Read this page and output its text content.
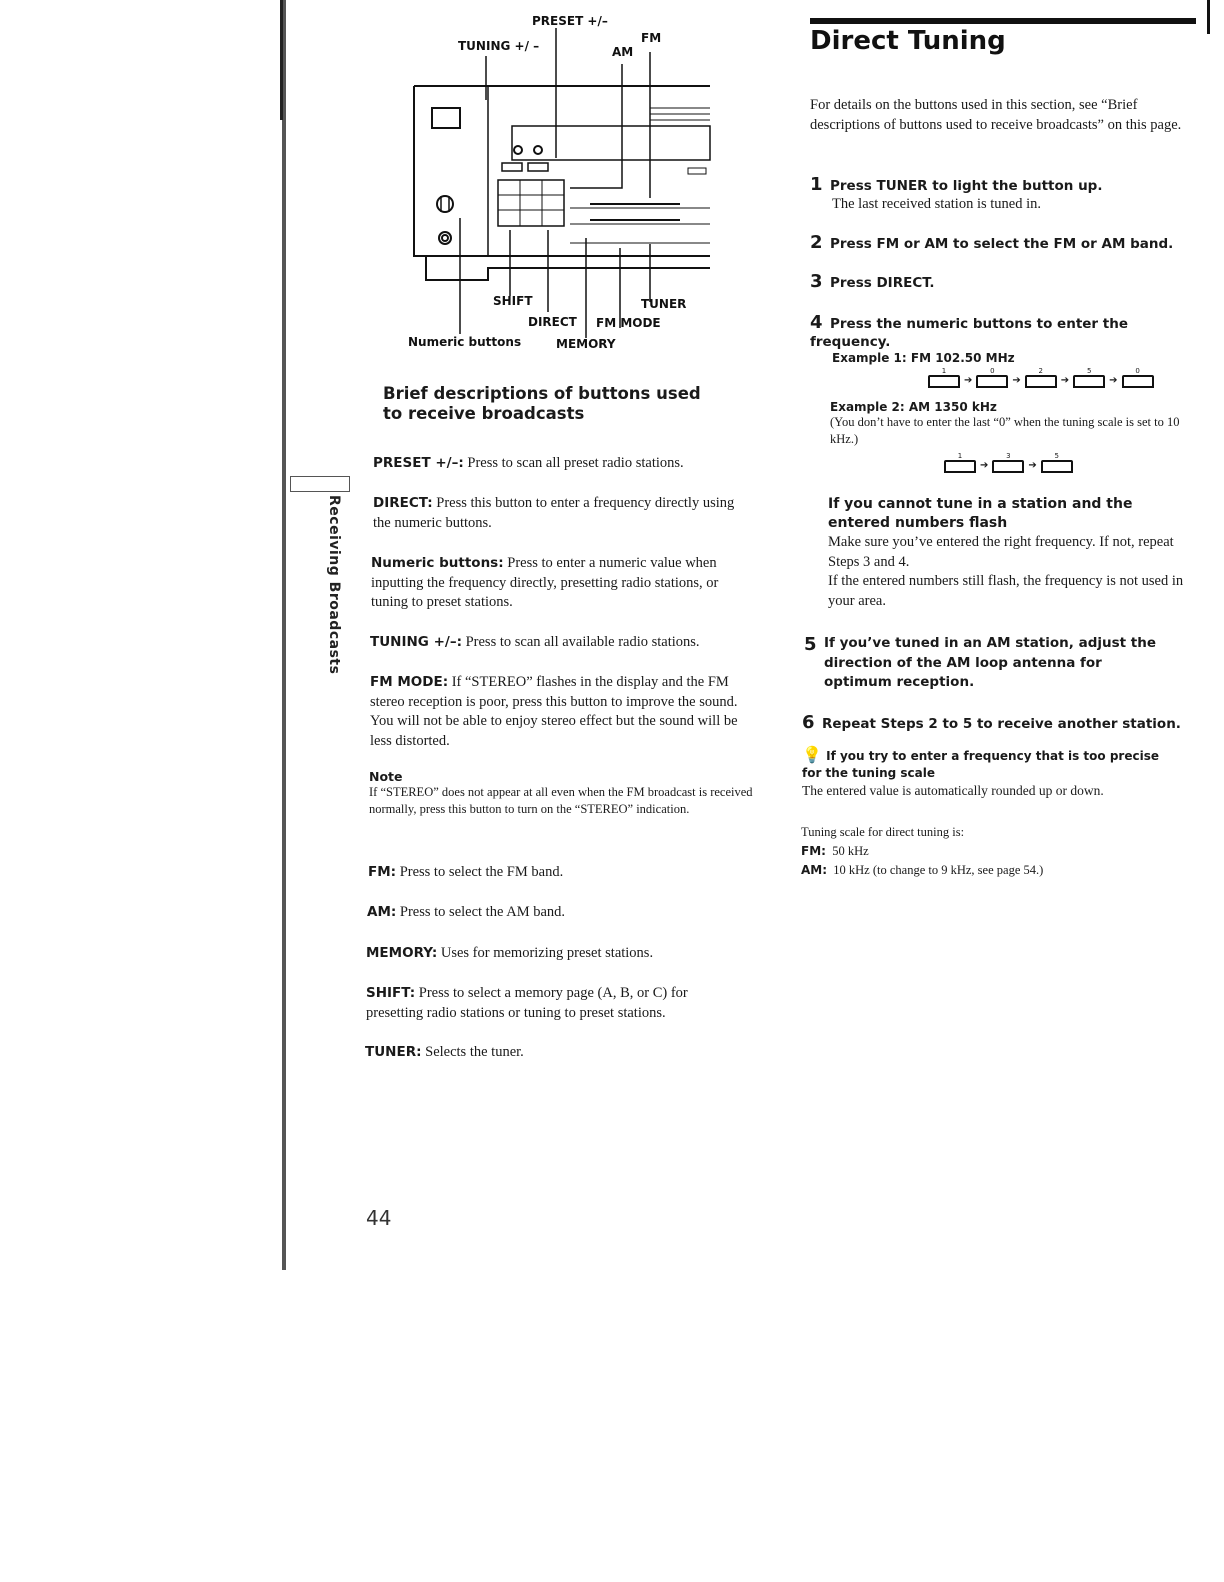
Receiving Broadcasts
PRESET +/–
TUNING +/ –	AM
FM
SHIFT	TUNER
DIRECT FM MODE
Numeric buttons	MEMORY
Brief descriptions of buttons used to receive broadcasts

PRESET +/–: Press to scan all preset radio stations.

DIRECT: Press this button to enter a frequency directly using the numeric buttons.

Numeric buttons: Press to enter a numeric value when inputting the frequency directly, presetting radio stations, or tuning to preset stations.

TUNING +/–: Press to scan all available radio stations.

FM MODE: If “STEREO” flashes in the display and the FM stereo reception is poor, press this button to improve the sound. You will not be able to enjoy stereo effect but the sound will be less distorted.

Note
If “STEREO” does not appear at all even when the FM broadcast is received normally, press this button to turn on the “STEREO” indication.

FM: Press to select the FM band.

AM: Press to select the AM band.

MEMORY: Uses for memorizing preset stations.

SHIFT: Press to select a memory page (A, B, or C) for presetting radio stations or tuning to preset stations.

TUNER: Selects the tuner.

Direct Tuning

For details on the buttons used in this section, see “Brief descriptions of buttons used to receive broadcasts” on this page.

1 Press TUNER to light the button up.
The last received station is tuned in.
2 Press FM or AM to select the FM or AM band.
3 Press DIRECT.
4 Press the numeric buttons to enter the frequency.
Example 1: FM 102.50 MHz
1
➔
0
➔
2
➔
5
➔
0
Example 2: AM 1350 kHz
(You don’t have to enter the last “0” when the tuning scale is set to 10 kHz.)
1
➔
3
➔
5
If you cannot tune in a station and the entered numbers flash
Make sure you’ve entered the right frequency. If not, repeat Steps 3 and 4.
If the entered numbers still flash, the frequency is not used in your area.
5 If you’ve tuned in an AM station, adjust the direction of the AM loop antenna for optimum reception.
6 Repeat Steps 2 to 5 to receive another station.
💡 If you try to enter a frequency that is too precise for the tuning scale
The entered value is automatically rounded up or down.
Tuning scale for direct tuning is:
FM: 50 kHz
AM: 10 kHz (to change to 9 kHz, see page 54.)
44
